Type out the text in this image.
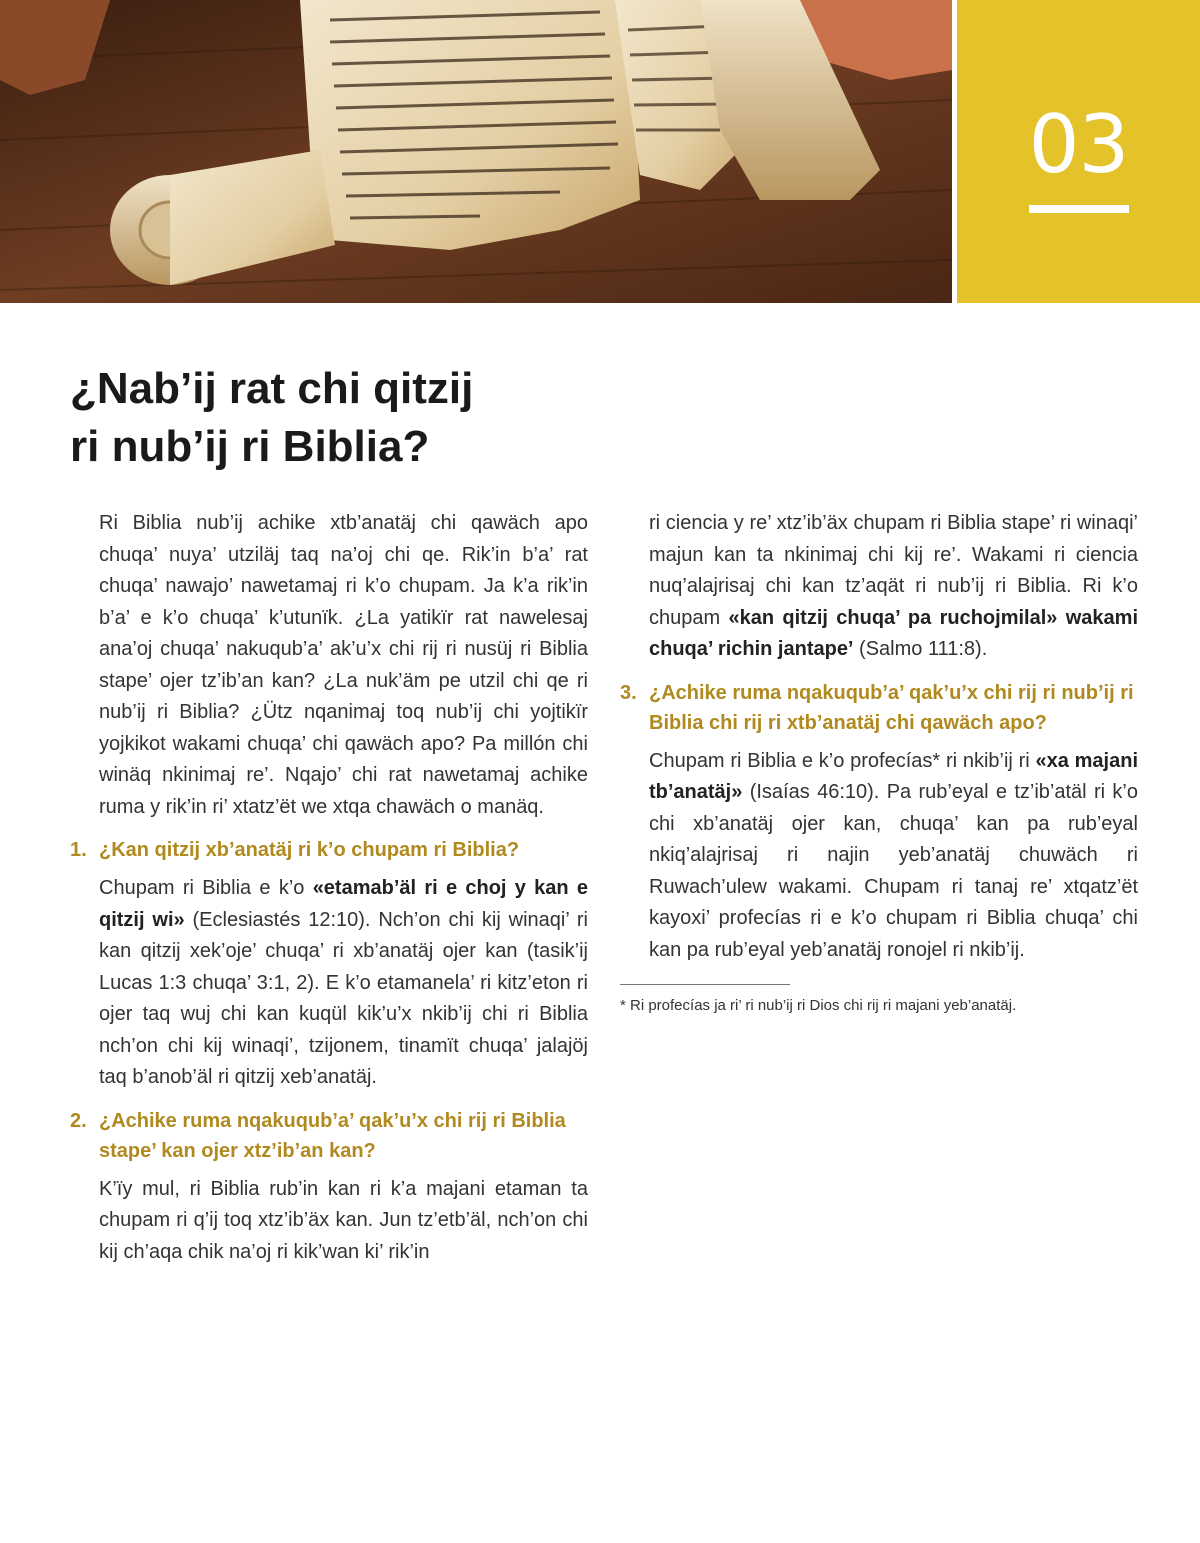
03
¿Nab’ij rat chi qitzij
ri nub’ij ri Biblia?

Ri Biblia nub’ij achike xtb’anatäj chi qawäch apo chuqa’ nuya’ utziläj taq na’oj chi qe. Rik’in b’a’ rat chuqa’ nawajo’ nawetamaj ri k’o chupam. Ja k’a rik’in b’a’ e k’o chuqa’ k’utunïk. ¿La yatikïr rat nawelesaj ana’oj chuqa’ nakuqub’a’ ak’u’x chi rij ri nusüj ri Biblia stape’ ojer tz’ib’an kan? ¿La nuk’äm pe utzil chi qe ri nub’ij ri Biblia? ¿Ütz nqanimaj toq nub’ij chi yojtikïr yojkikot wakami chuqa’ chi qawäch apo? Pa millón chi winäq nkinimaj re’. Nqajo’ chi rat nawetamaj achike ruma y rik’in ri’ xtatz’ët we xtqa chawäch o manäq.

1. ¿Kan qitzij xb’anatäj ri k’o chupam ri Biblia?

Chupam ri Biblia e k’o «etamab’äl ri e choj y kan e qitzij wi» (Eclesiastés 12:10). Nch’on chi kij winaqi’ ri kan qitzij xek’oje’ chuqa’ ri xb’anatäj ojer kan (tasik’ij Lucas 1:3 chuqa’ 3:1, 2). E k’o etamanela’ ri kitz’eton ri ojer taq wuj chi kan kuqül kik’u’x nkib’ij chi ri Biblia nch’on chi kij winaqi’, tzijonem, tinamït chuqa’ jalajöj taq b’anob’äl ri qitzij xeb’anatäj.

2. ¿Achike ruma nqakuqub’a’ qak’u’x chi rij ri Biblia stape’ kan ojer xtz’ib’an kan?

K’ïy mul, ri Biblia rub’in kan ri k’a majani etaman ta chupam ri q’ij toq xtz’ib’äx kan. Jun tz’etb’äl, nch’on chi kij ch’aqa chik na’oj ri kik’wan ki’ rik’in

ri ciencia y re’ xtz’ib’äx chupam ri Biblia stape’ ri winaqi’ majun kan ta nkinimaj chi kij re’. Wakami ri ciencia nuq’alajrisaj chi kan tz’aqät ri nub’ij ri Biblia. Ri k’o chupam «kan qitzij chuqa’ pa ruchojmilal» wakami chuqa’ richin jantape’ (Salmo 111:8).

3. ¿Achike ruma nqakuqub’a’ qak’u’x chi rij ri nub’ij ri Biblia chi rij ri xtb’anatäj chi qawäch apo?

Chupam ri Biblia e k’o profecías* ri nkib’ij ri «xa majani tb’anatäj» (Isaías 46:10). Pa rub’eyal e tz’ib’atäl ri k’o chi xb’anatäj ojer kan, chuqa’ kan pa rub’eyal nkiq’alajrisaj ri najin yeb’anatäj chuwäch ri Ruwach’ulew wakami. Chupam ri tanaj re’ xtqatz’ët kayoxi’ profecías ri e k’o chupam ri Biblia chuqa’ chi kan pa rub’eyal yeb’anatäj ronojel ri nkib’ij.

* Ri profecías ja ri’ ri nub’ij ri Dios chi rij ri majani yeb’anatäj.
